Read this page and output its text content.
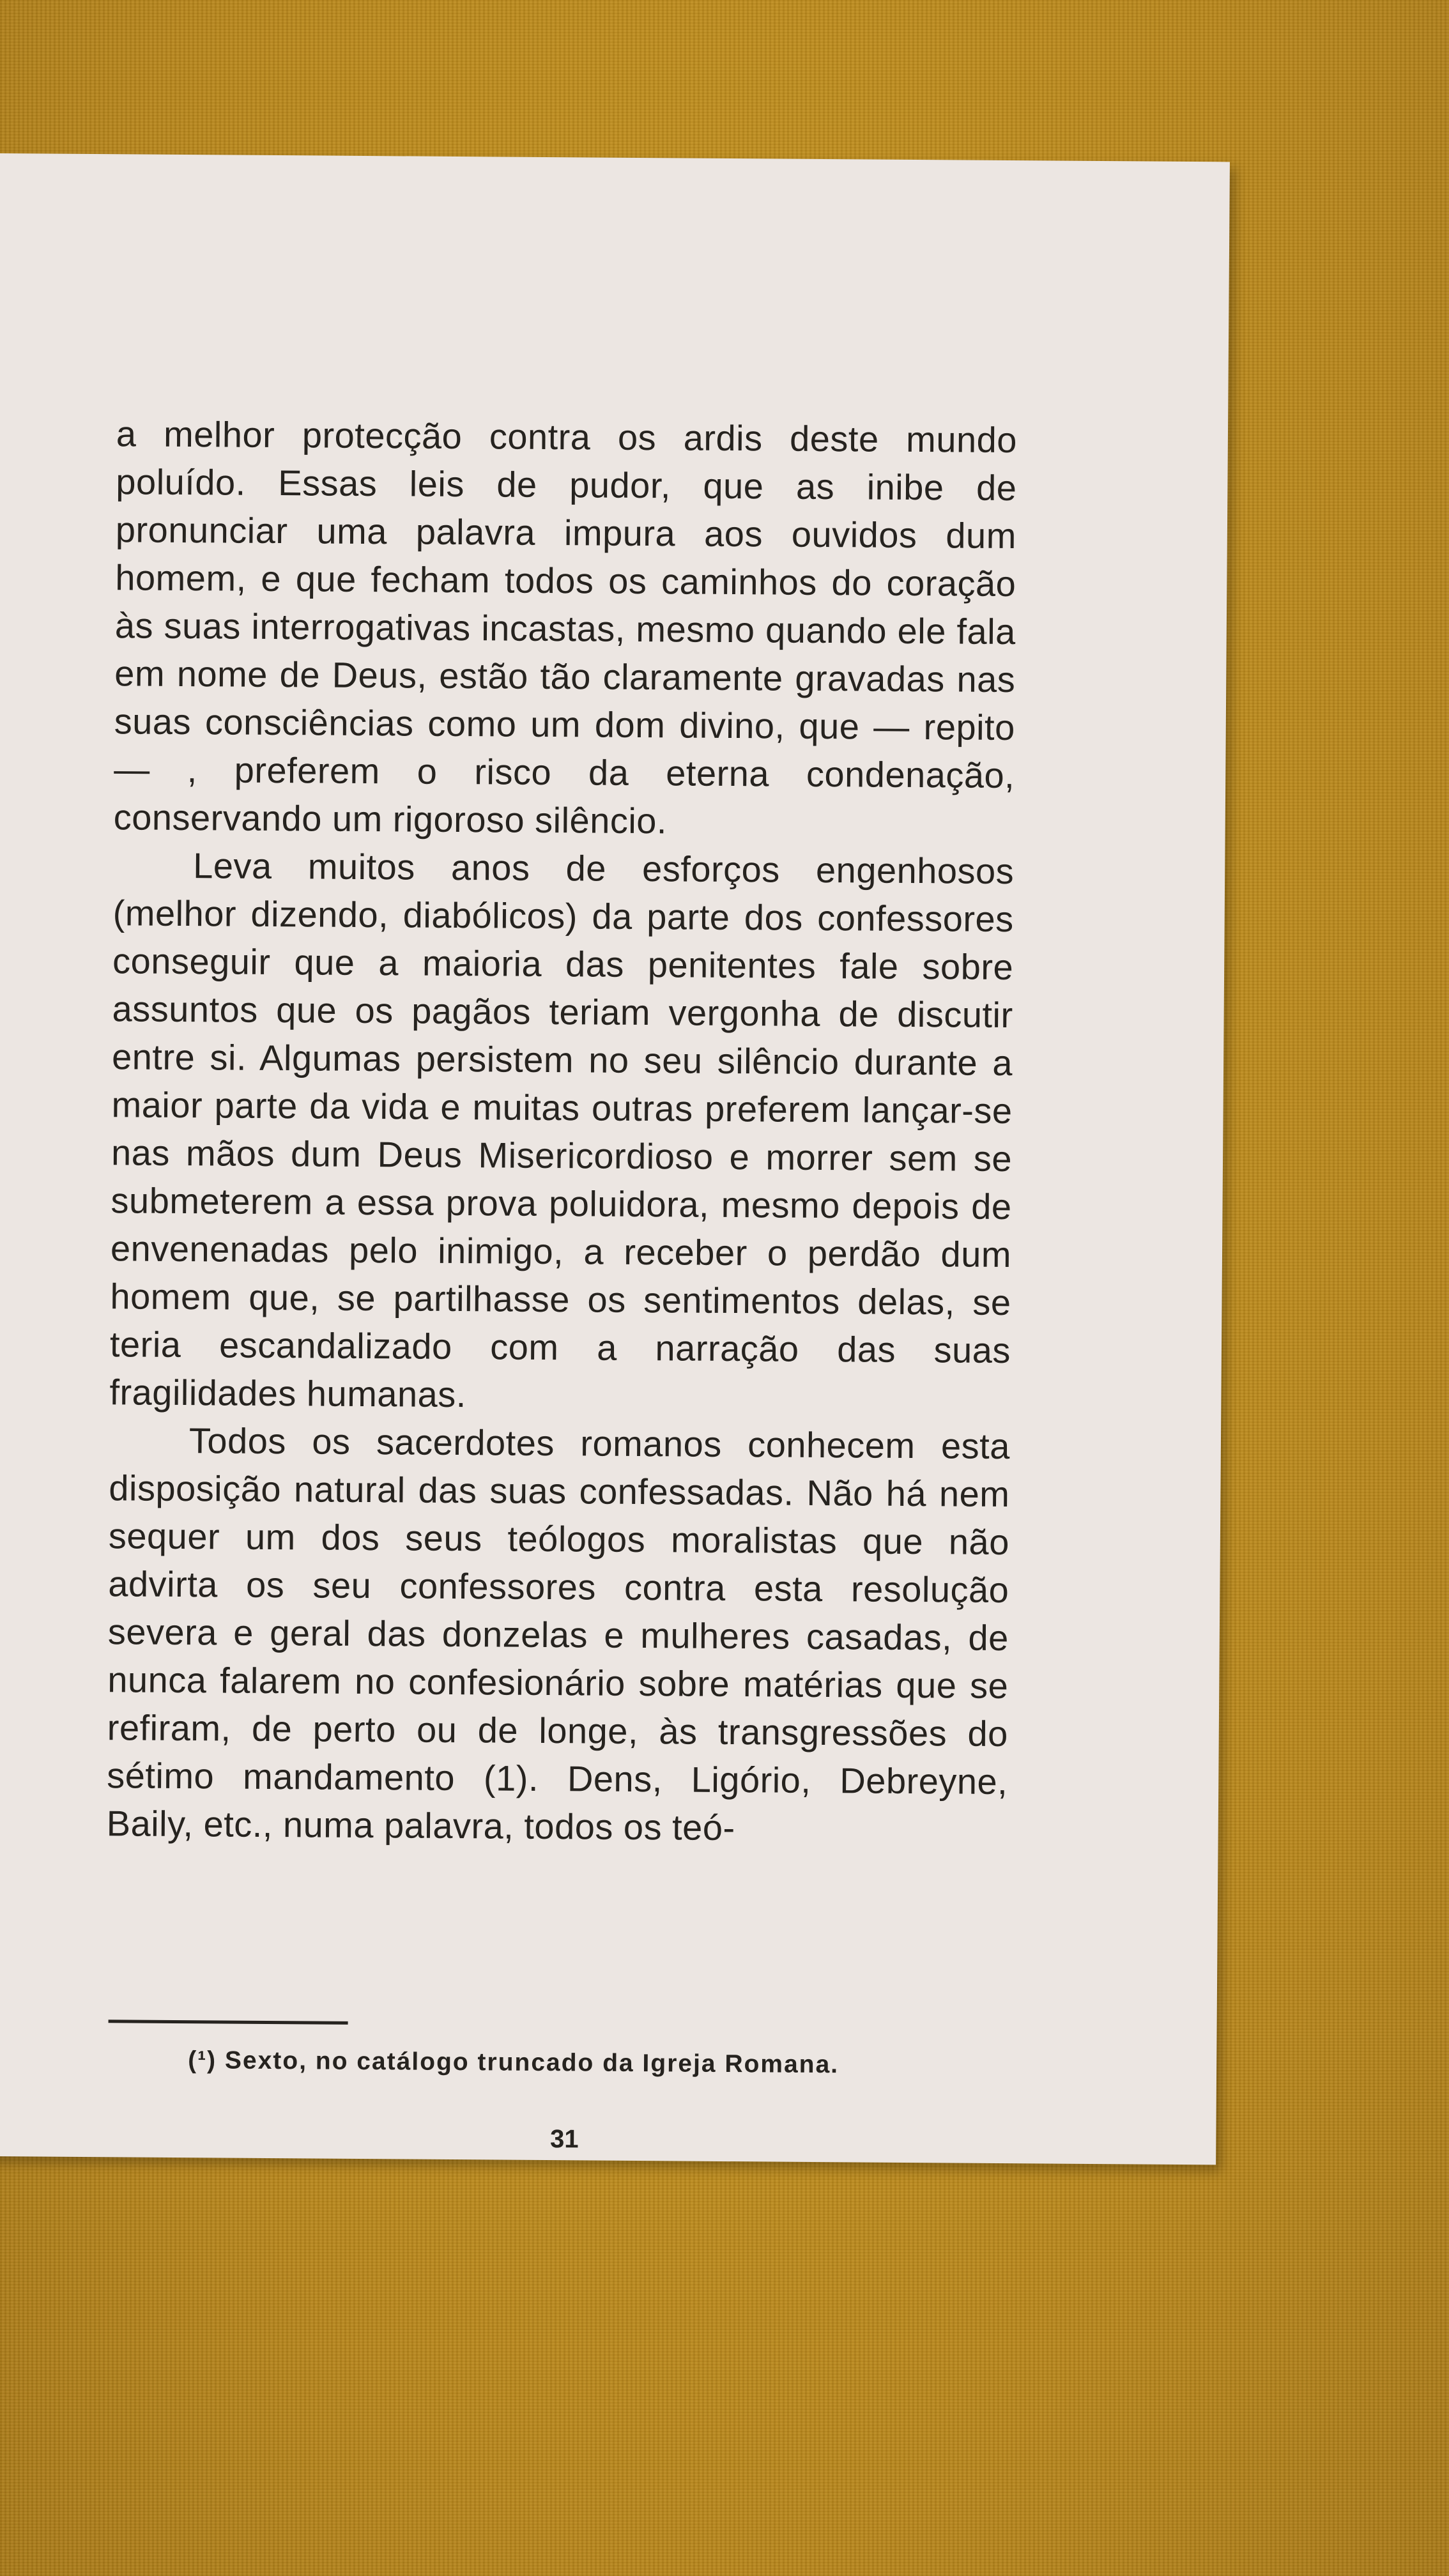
a melhor protecção contra os ardis deste mundo poluído. Essas leis de pudor, que as inibe de pronunciar uma palavra impura aos ouvidos dum homem, e que fecham todos os caminhos do coração às suas interrogativas incastas, mesmo quando ele fala em nome de Deus, estão tão claramente gravadas nas suas consciências como um dom divino, que — repito — , preferem o risco da eterna condenação, conservando um rigoroso silêncio.

Leva muitos anos de esforços engenhosos (melhor dizendo, diabólicos) da parte dos confessores conseguir que a maioria das penitentes fale sobre assuntos que os pagãos teriam vergonha de discutir entre si. Algumas persistem no seu silêncio durante a maior parte da vida e muitas outras preferem lançar-se nas mãos dum Deus Misericordioso e morrer sem se submeterem a essa prova poluidora, mesmo depois de envenenadas pelo inimigo, a receber o perdão dum homem que, se partilhasse os sentimentos delas, se teria escandalizado com a narração das suas fragilidades humanas.

Todos os sacerdotes romanos conhecem esta disposição natural das suas confessadas. Não há nem sequer um dos seus teólogos moralistas que não advirta os seu confessores contra esta resolução severa e geral das donzelas e mulheres casadas, de nunca falarem no confesionário sobre matérias que se refiram, de perto ou de longe, às transgressões do sétimo mandamento (1). Dens, Ligório, Debreyne, Baily, etc., numa palavra, todos os teó-

(¹) Sexto, no catálogo truncado da Igreja Romana.
31
